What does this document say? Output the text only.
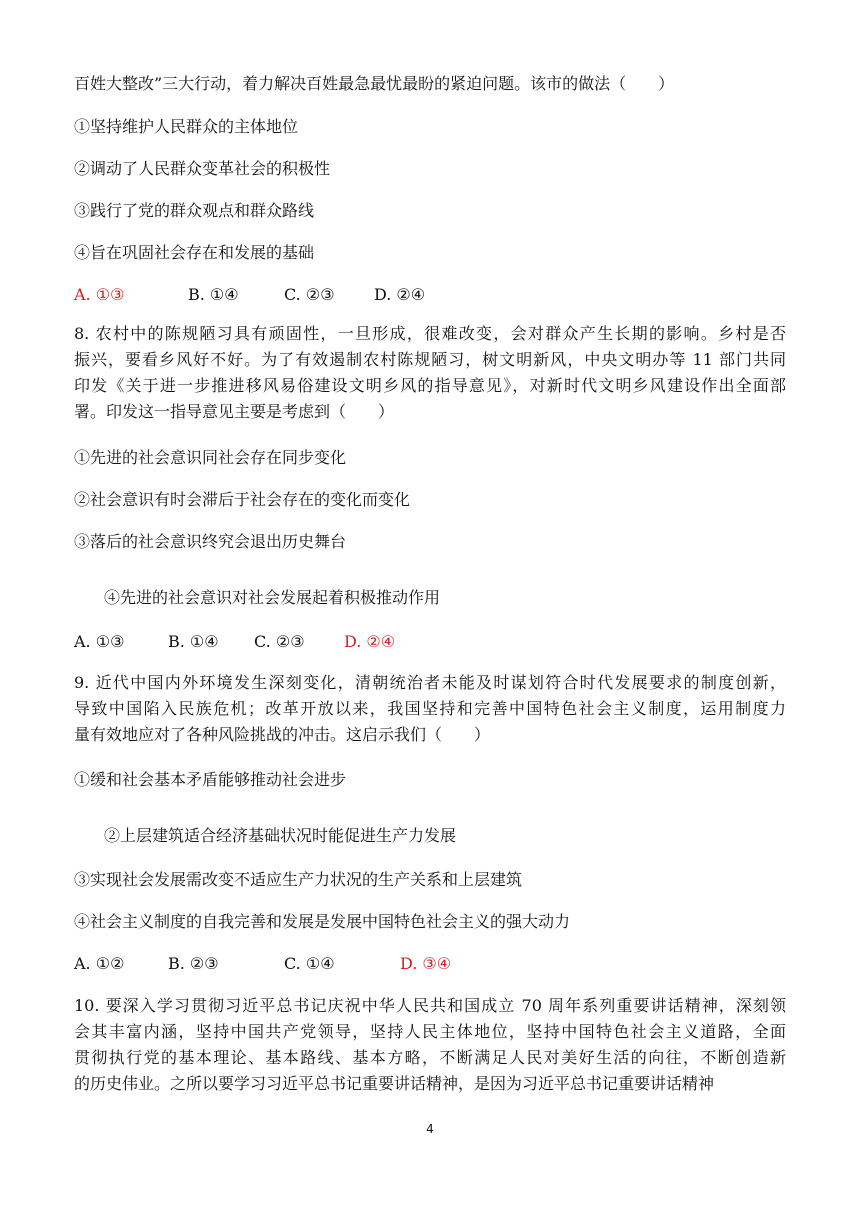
百姓大整改”三大行动，着力解决百姓最急最忧最盼的紧迫问题。该市的做法（　　）
①坚持维护人民群众的主体地位
②调动了人民群众变革社会的积极性
③践行了党的群众观点和群众路线
④旨在巩固社会存在和发展的基础
A. ①③	B. ①④	C. ②③ D. ②④
8. 农村中的陈规陋习具有顽固性，一旦形成，很难改变，会对群众产生长期的影响。乡村是否
振兴，要看乡风好不好。为了有效遏制农村陈规陋习，树文明新风，中央文明办等 11 部门共同
印发《关于进一步推进移风易俗建设文明乡风的指导意见》，对新时代文明乡风建设作出全面部
署。印发这一指导意见主要是考虑到（　　）
①先进的社会意识同社会存在同步变化
②社会意识有时会滞后于社会存在的变化而变化
③落后的社会意识终究会退出历史舞台
④先进的社会意识对社会发展起着积极推动作用
A. ①③	B. ①④ C. ②③ D. ②④
9. 近代中国内外环境发生深刻变化，清朝统治者未能及时谋划符合时代发展要求的制度创新，
导致中国陷入民族危机；改革开放以来，我国坚持和完善中国特色社会主义制度，运用制度力
量有效地应对了各种风险挑战的冲击。这启示我们（　　）
①缓和社会基本矛盾能够推动社会进步
②上层建筑适合经济基础状况时能促进生产力发展
③实现社会发展需改变不适应生产力状况的生产关系和上层建筑
④社会主义制度的自我完善和发展是发展中国特色社会主义的强大动力
A. ①②	B. ②③	C. ①④	D. ③④
10. 要深入学习贯彻习近平总书记庆祝中华人民共和国成立 70 周年系列重要讲话精神，深刻领
会其丰富内涵，坚持中国共产党领导，坚持人民主体地位，坚持中国特色社会主义道路，全面
贯彻执行党的基本理论、基本路线、基本方略，不断满足人民对美好生活的向往，不断创造新
的历史伟业。之所以要学习习近平总书记重要讲话精神，是因为习近平总书记重要讲话精神
4
